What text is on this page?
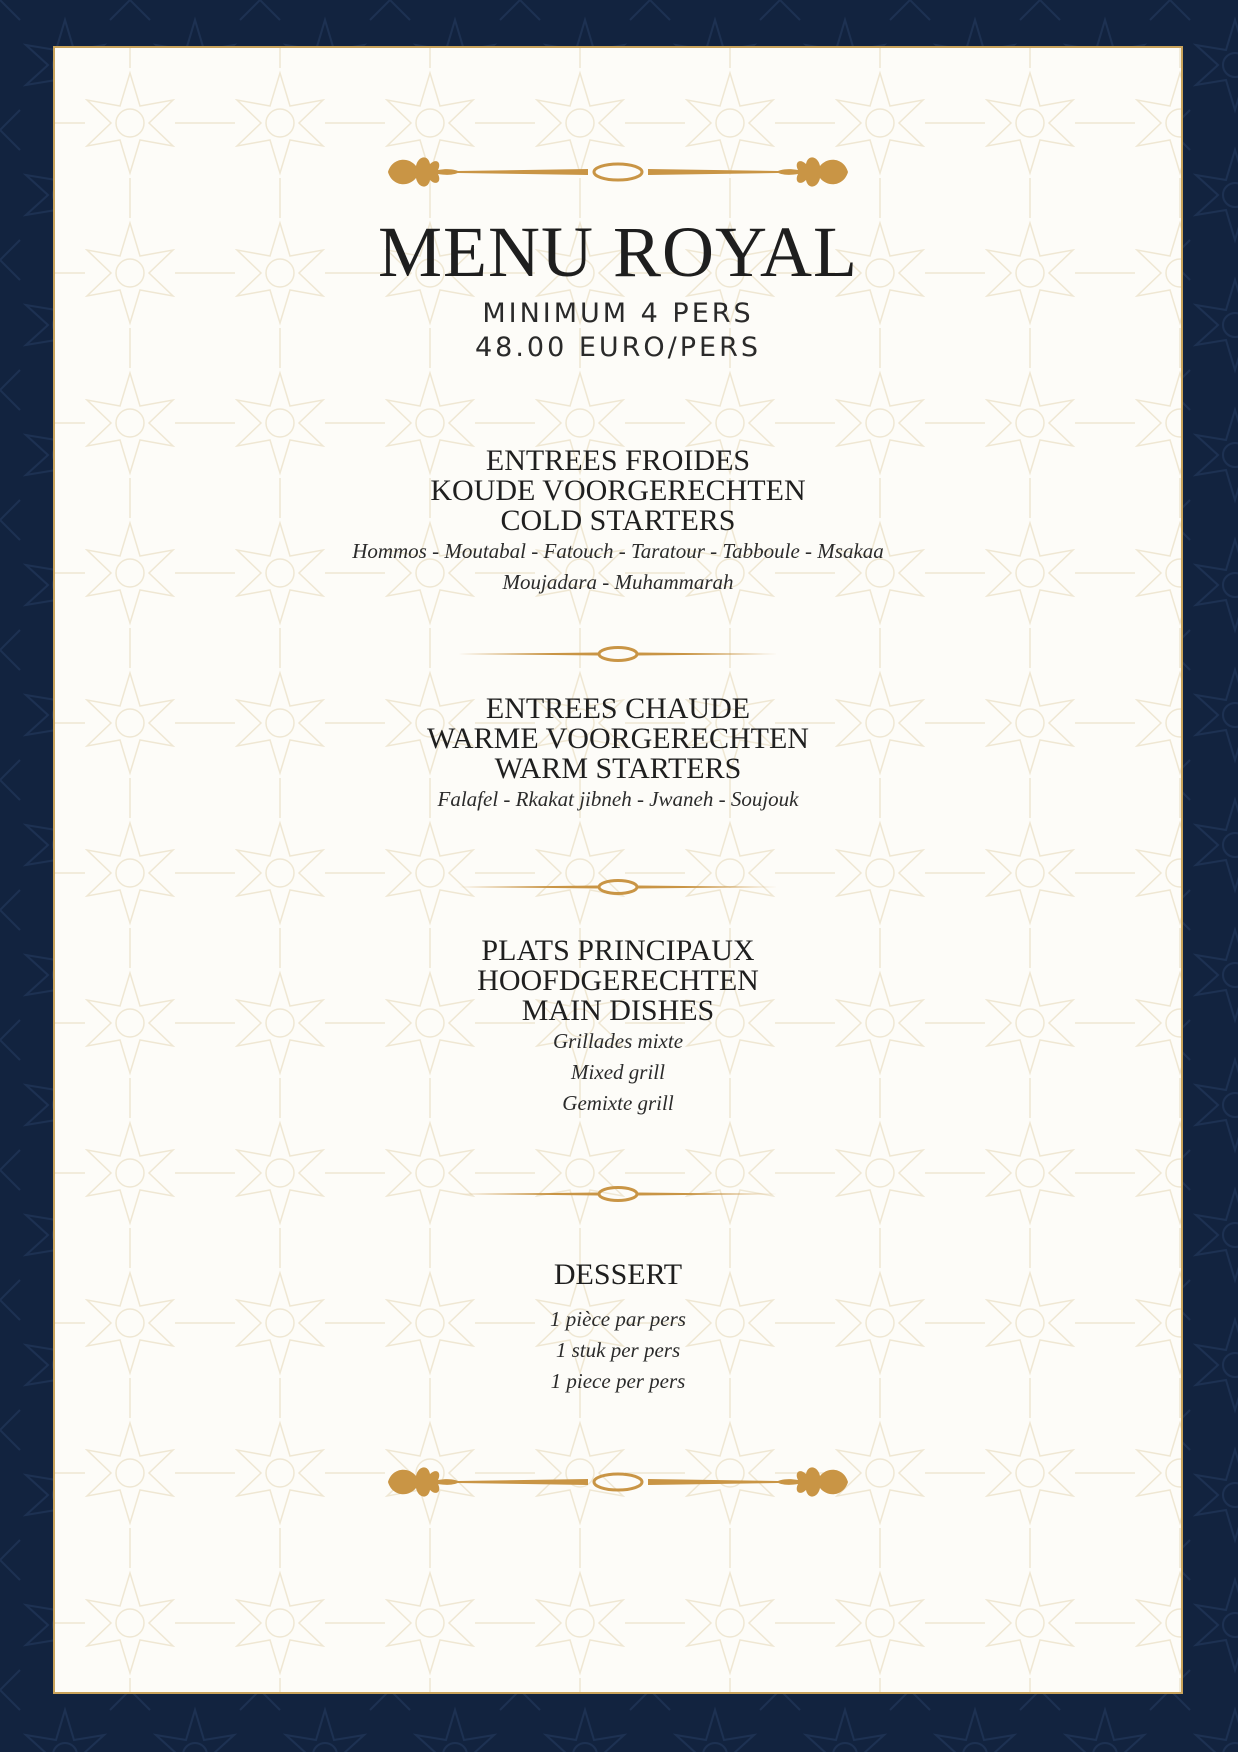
MENU ROYAL
MINIMUM 4 PERS
48.00 EURO/PERS
ENTREES FROIDES
KOUDE VOORGERECHTEN
COLD STARTERS
Hommos - Moutabal - Fatouch - Taratour - Tabboule - Msakaa
Moujadara - Muhammarah
ENTREES CHAUDE
WARME VOORGERECHTEN
WARM STARTERS
Falafel - Rkakat jibneh - Jwaneh - Soujouk
PLATS PRINCIPAUX
HOOFDGERECHTEN
MAIN DISHES
Grillades mixte
Mixed grill
Gemixte grill
DESSERT
1 pièce par pers
1 stuk per pers
1 piece per pers
